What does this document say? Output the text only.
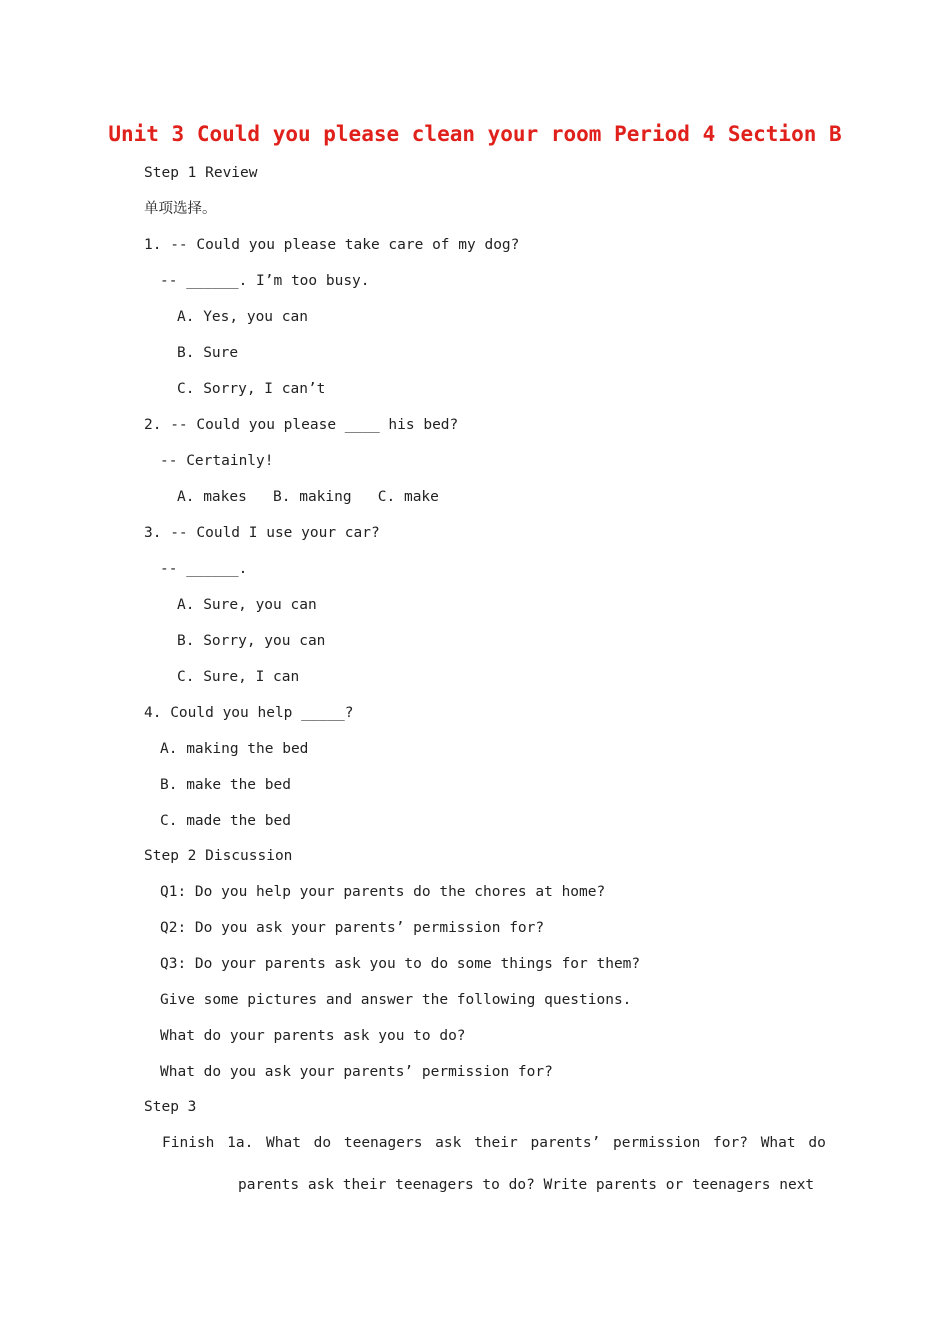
Unit 3 Could you please clean your room Period 4 Section B
Step 1 Review
单项选择。
1. -- Could you please take care of my dog?
-- ______. I’m too busy.
A. Yes, you can
B. Sure
C. Sorry, I can’t
2. -- Could you please ____ his bed?
-- Certainly!
A. makes   B. making   C. make
3. -- Could I use your car?
-- ______.
A. Sure, you can
B. Sorry, you can
C. Sure, I can
4. Could you help _____?
A. making the bed
B. make the bed
C. made the bed
Step 2 Discussion
Q1: Do you help your parents do the chores at home?
Q2: Do you ask your parents’ permission for?
Q3: Do your parents ask you to do some things for them?
Give some pictures and answer the following questions.
What do your parents ask you to do?
What do you ask your parents’ permission for?
Step 3
Finish 1a. What do teenagers ask their parents’ permission for? What do
parents ask their teenagers to do? Write parents or teenagers next
